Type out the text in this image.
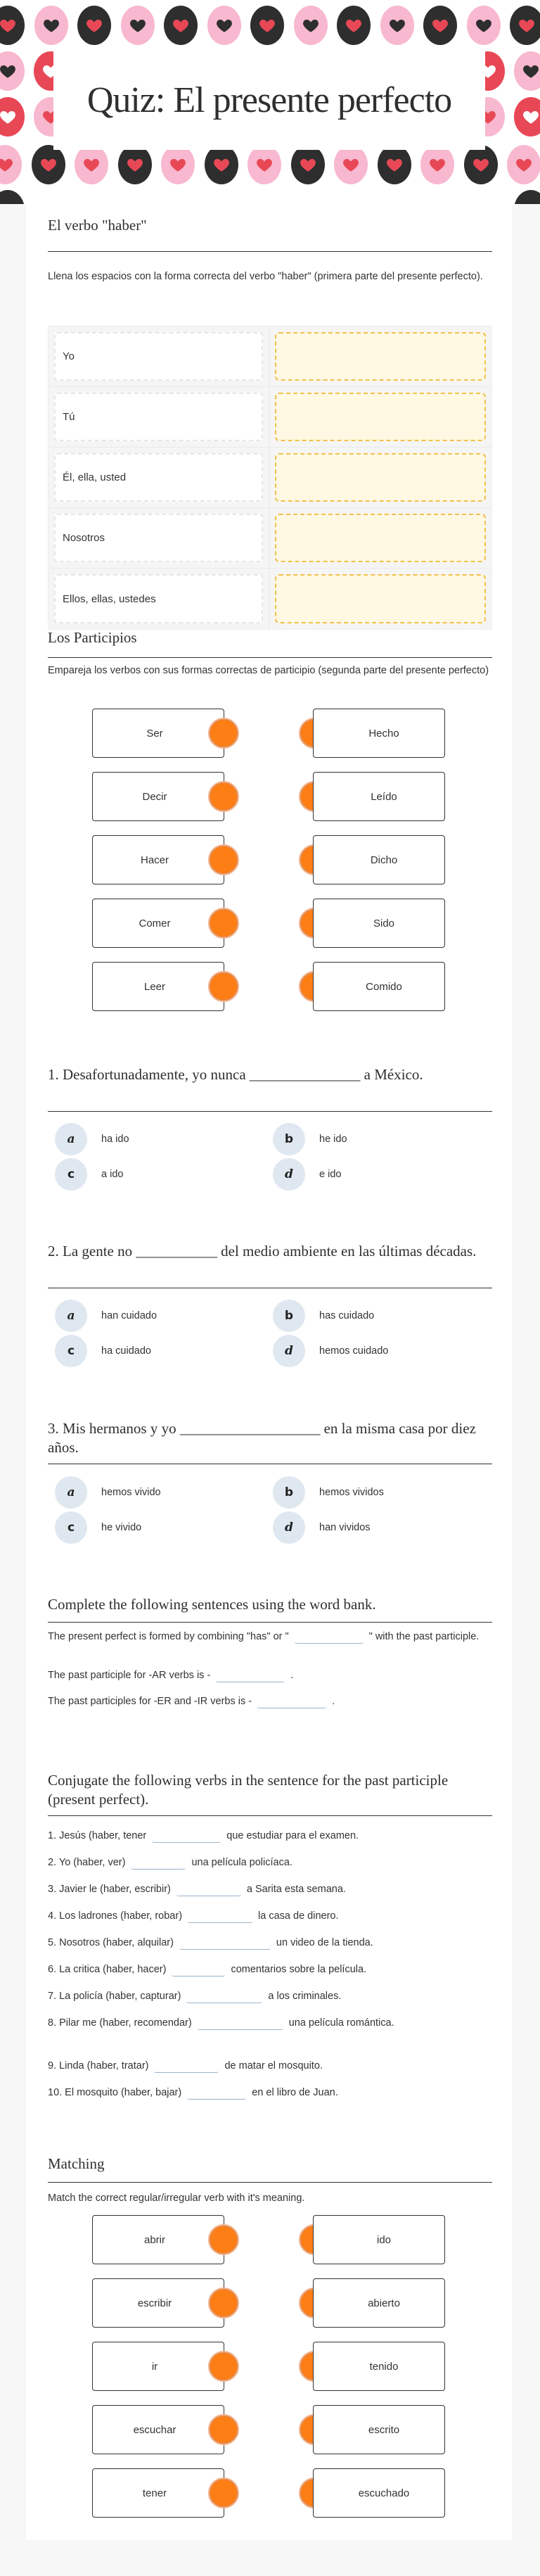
Quiz: El presente perfecto
El verbo "haber"
Llena los espacios con la forma correcta del verbo "haber" (primera parte del presente perfecto).
Yo
Tú
Él, ella, usted
Nosotros
Ellos, ellas, ustedes
Los Participios
Empareja los verbos con sus formas correctas de participio (segunda parte del presente perfecto)
Ser	Hecho
Decir	Leído
Hacer	Dicho
Comer	Sido
Leer	Comido
1. Desafortunadamente, yo nunca _______________ a México.
a	ha ido	b	he ido
c	a ido	d	e ido
2. La gente no ___________ del medio ambiente en las últimas décadas.
a	han cuidado	b	has cuidado
c	ha cuidado	d	hemos cuidado
3. Mis hermanos y yo ___________________ en la misma casa por diez años.
a	hemos vivido	b	hemos vividos
c	he vivido	d	han vividos
Complete the following sentences using the word bank.
The present perfect is formed by combining "has" or "	" with the past participle.
The past participle for -AR verbs is -	.
The past participles for -ER and -IR verbs is -	.
Conjugate the following verbs in the sentence for the past participle (present perfect).
1. Jesús (haber, tener	que estudiar para el examen.
2. Yo (haber, ver)	una película policíaca.
3. Javier le (haber, escribir)	a Sarita esta semana.
4. Los ladrones (haber, robar)	la casa de dinero.
5. Nosotros (haber, alquilar)	un video de la tienda.
6. La critica (haber, hacer)	comentarios sobre la película.
7. La policía (haber, capturar)	a los criminales.
8. Pilar me (haber, recomendar)	una película romántica.
9. Linda (haber, tratar)	de matar el mosquito.
10. El mosquito (haber, bajar)	en el libro de Juan.
Matching
Match the correct regular/irregular verb with it's meaning.
abrir	ido
escribir	abierto
ir	tenido
escuchar	escrito
tener	escuchado
